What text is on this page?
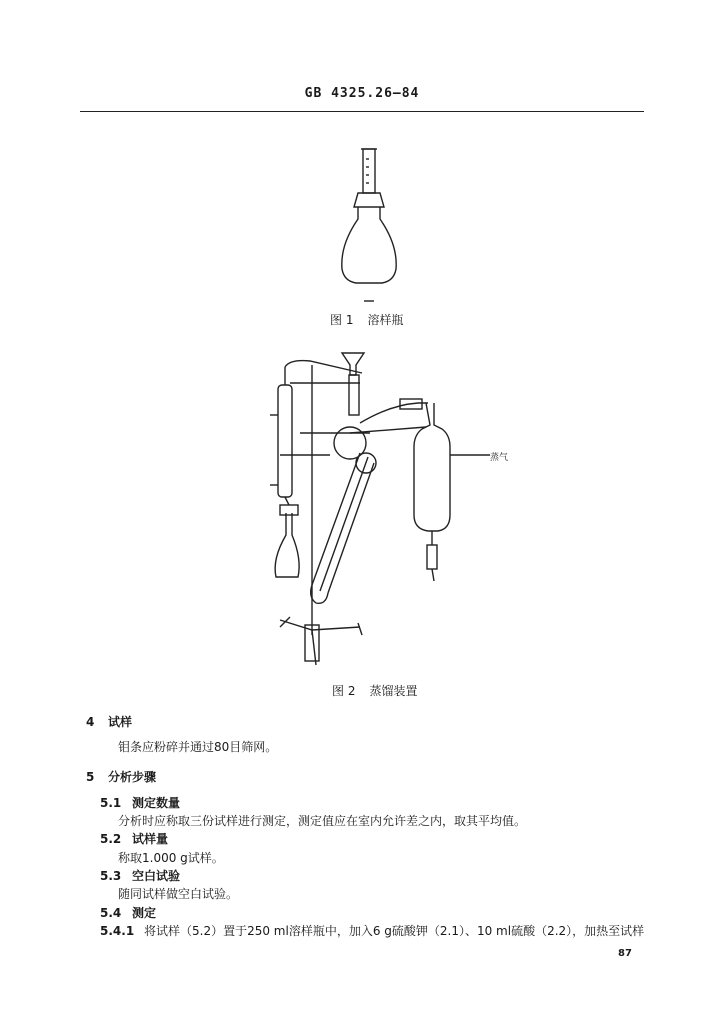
GB 4325.26—84
图 1 溶样瓶
蒸气
图 2 蒸馏装置
4 试样
钼条应粉碎并通过80目筛网。
5 分析步骤
5.1 测定数量
分析时应称取三份试样进行测定，测定值应在室内允许差之内，取其平均值。
5.2 试样量
称取1.000 g试样。
5.3 空白试验
随同试样做空白试验。
5.4 测定
5.4.1 将试样（5.2）置于250 ml溶样瓶中，加入6 g硫酸钾（2.1）、10 ml硫酸（2.2），加热至试样
87
